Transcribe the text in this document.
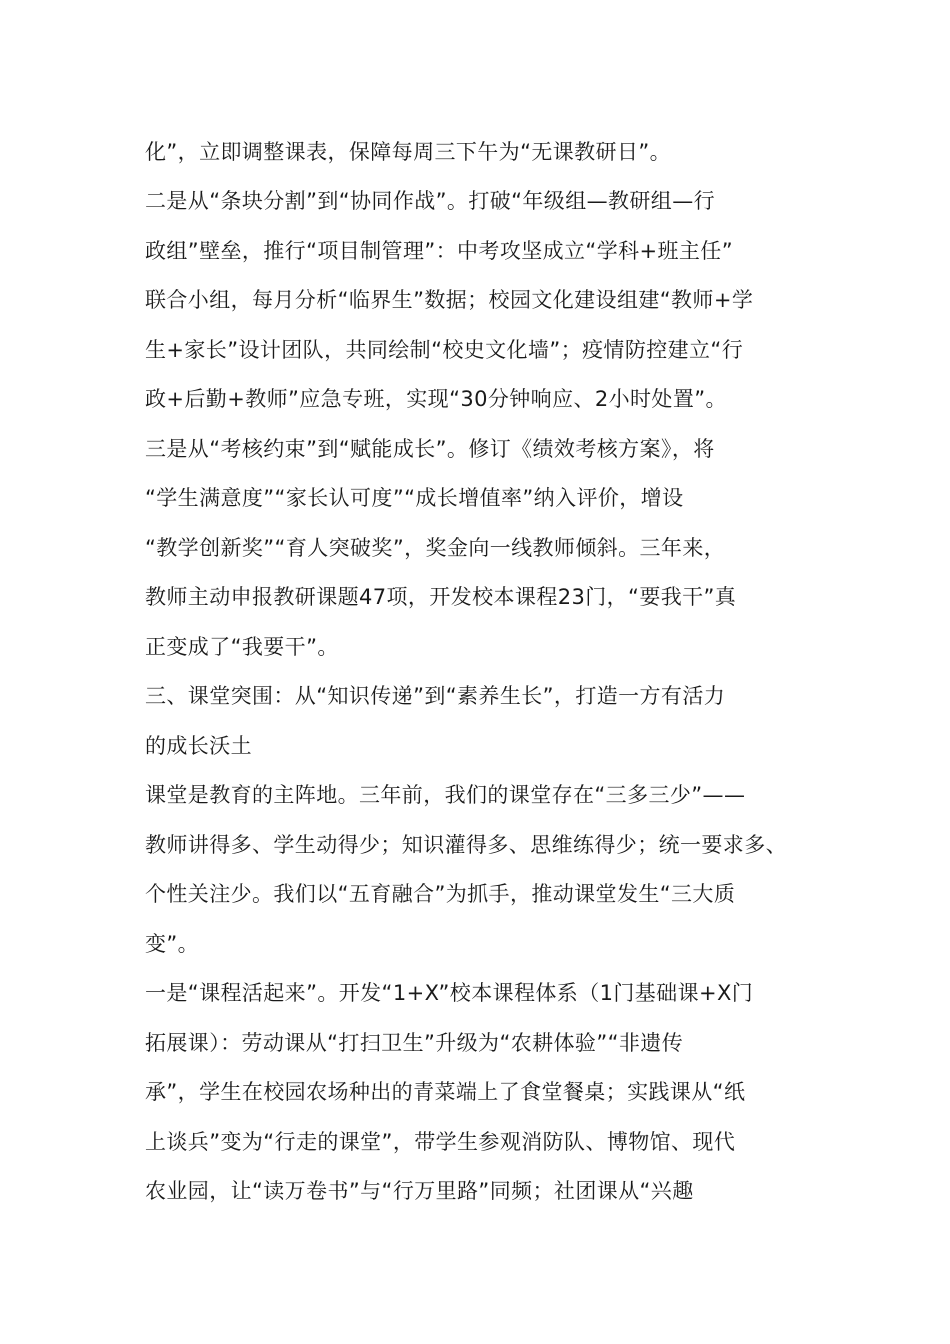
化”，立即调整课表，保障每周三下午为“无课教研日”。
二是从“条块分割”到“协同作战”。打破“年级组—教研组—行
政组”壁垒，推行“项目制管理”：中考攻坚成立“学科+班主任”
联合小组，每月分析“临界生”数据；校园文化建设组建“教师+学
生+家长”设计团队，共同绘制“校史文化墙”；疫情防控建立“行
政+后勤+教师”应急专班，实现“30分钟响应、2小时处置”。
三是从“考核约束”到“赋能成长”。修订《绩效考核方案》，将
“学生满意度”“家长认可度”“成长增值率”纳入评价，增设
“教学创新奖”“育人突破奖”，奖金向一线教师倾斜。三年来，
教师主动申报教研课题47项，开发校本课程23门，“要我干”真
正变成了“我要干”。
三、课堂突围：从“知识传递”到“素养生长”，打造一方有活力
的成长沃土
课堂是教育的主阵地。三年前，我们的课堂存在“三多三少”——
教师讲得多、学生动得少；知识灌得多、思维练得少；统一要求多、
个性关注少。我们以“五育融合”为抓手，推动课堂发生“三大质
变”。
一是“课程活起来”。开发“1+X”校本课程体系（1门基础课+X门
拓展课）：劳动课从“打扫卫生”升级为“农耕体验”“非遗传
承”，学生在校园农场种出的青菜端上了食堂餐桌；实践课从“纸
上谈兵”变为“行走的课堂”，带学生参观消防队、博物馆、现代
农业园，让“读万卷书”与“行万里路”同频；社团课从“兴趣
